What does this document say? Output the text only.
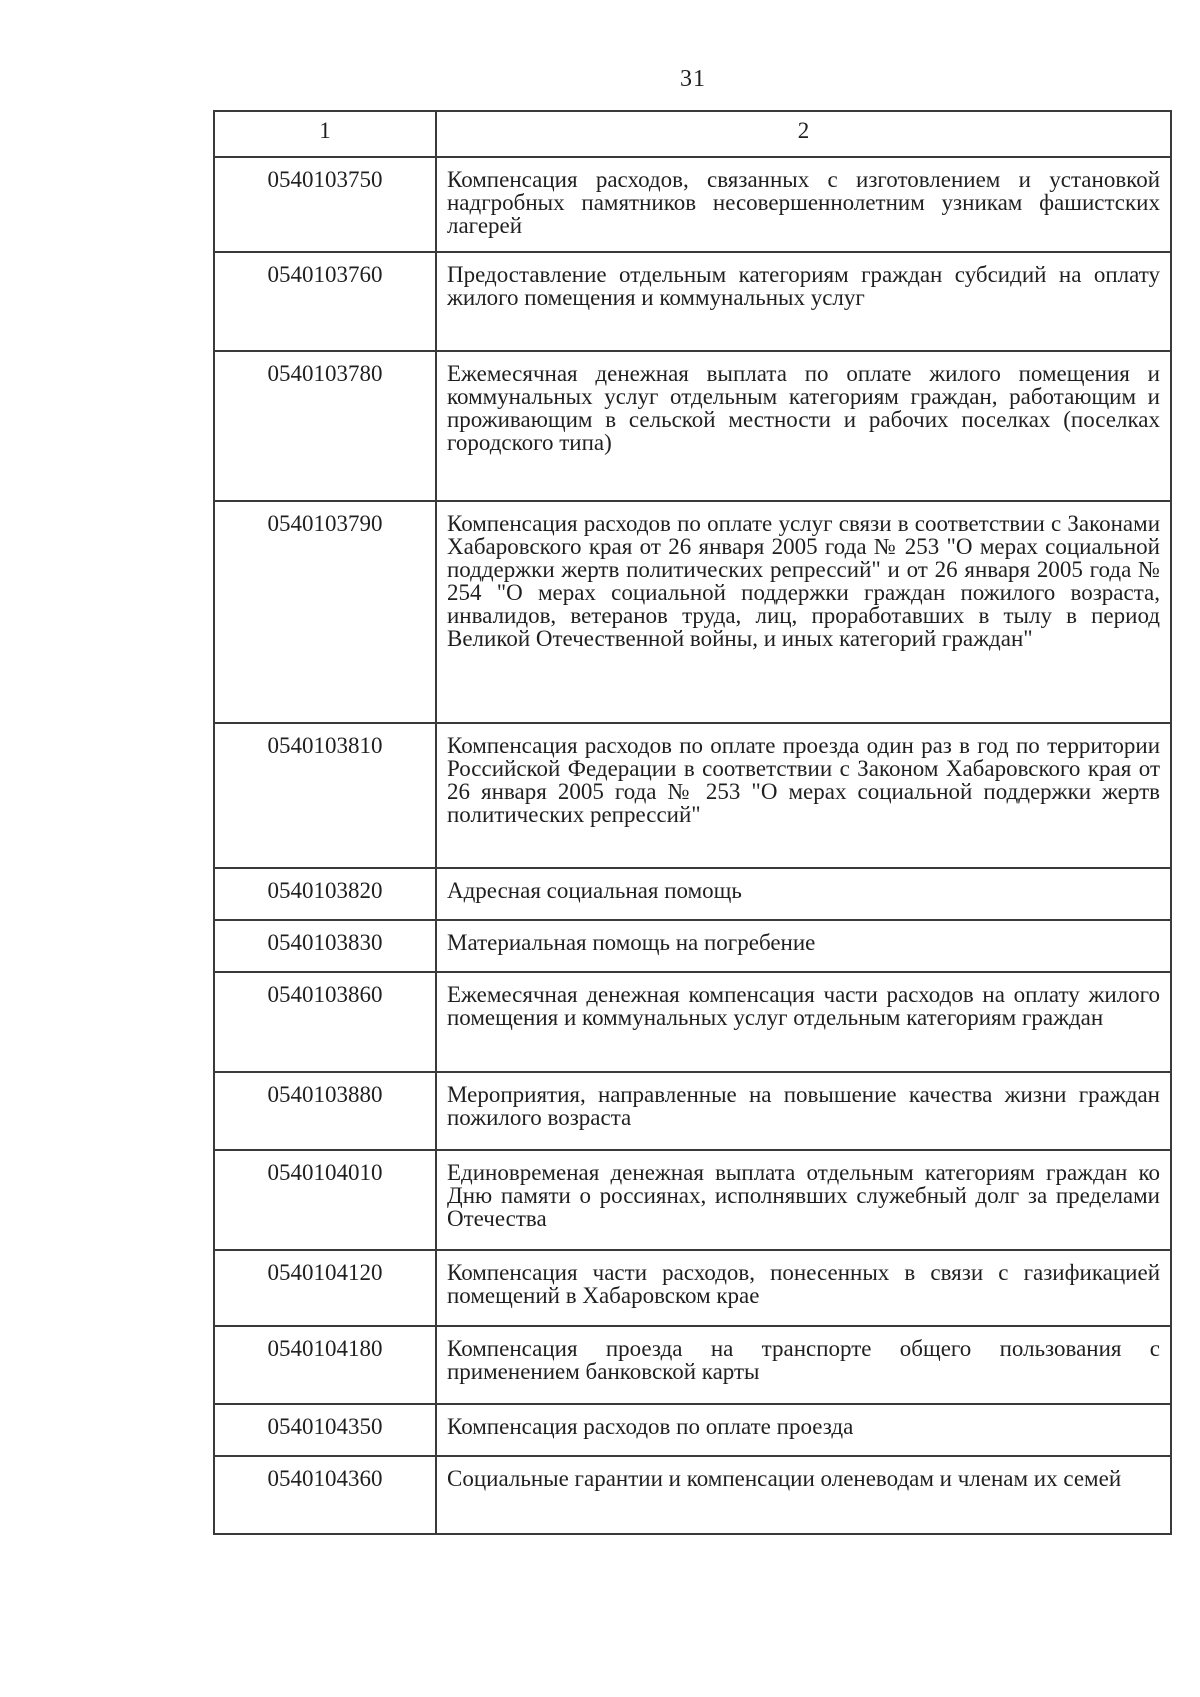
31
1	2
0540103750	Компенсация расходов, связанных с изготовлением и установкой надгробных памятников несовершеннолетним узникам фашистских лагерей
0540103760	Предоставление отдельным категориям граждан субсидий на оплату жилого помещения и коммунальных услуг
0540103780	Ежемесячная денежная выплата по оплате жилого помещения и коммунальных услуг отдельным категориям граждан, работающим и проживающим в сельской местности и рабочих поселках (поселках городского типа)
0540103790	Компенсация расходов по оплате услуг связи в соответствии с Законами Хабаровского края от 26 января 2005 года № 253 "О мерах социальной поддержки жертв политических репрессий" и от 26 января 2005 года № 254 "О мерах социальной поддержки граждан пожилого возраста, инвалидов, ветеранов труда, лиц, проработавших в тылу в период Великой Отечественной войны, и иных категорий граждан"
0540103810	Компенсация расходов по оплате проезда один раз в год по территории Российской Федерации в соответствии с Законом Хабаровского края от 26 января 2005 года № 253 "О мерах социальной поддержки жертв политических репрессий"
0540103820	Адресная социальная помощь
0540103830	Материальная помощь на погребение
0540103860	Ежемесячная денежная компенсация части расходов на оплату жилого помещения и коммунальных услуг отдельным категориям граждан
0540103880	Мероприятия, направленные на повышение качества жизни граждан пожилого возраста
0540104010	Единовременая денежная выплата отдельным категориям граждан ко Дню памяти о россиянах, исполнявших служебный долг за пределами Отечества
0540104120	Компенсация части расходов, понесенных в связи с газификацией помещений в Хабаровском крае
0540104180	Компенсация проезда на транспорте общего пользования с применением банковской карты
0540104350	Компенсация расходов по оплате проезда
0540104360	Социальные гарантии и компенсации оленеводам и членам их семей
